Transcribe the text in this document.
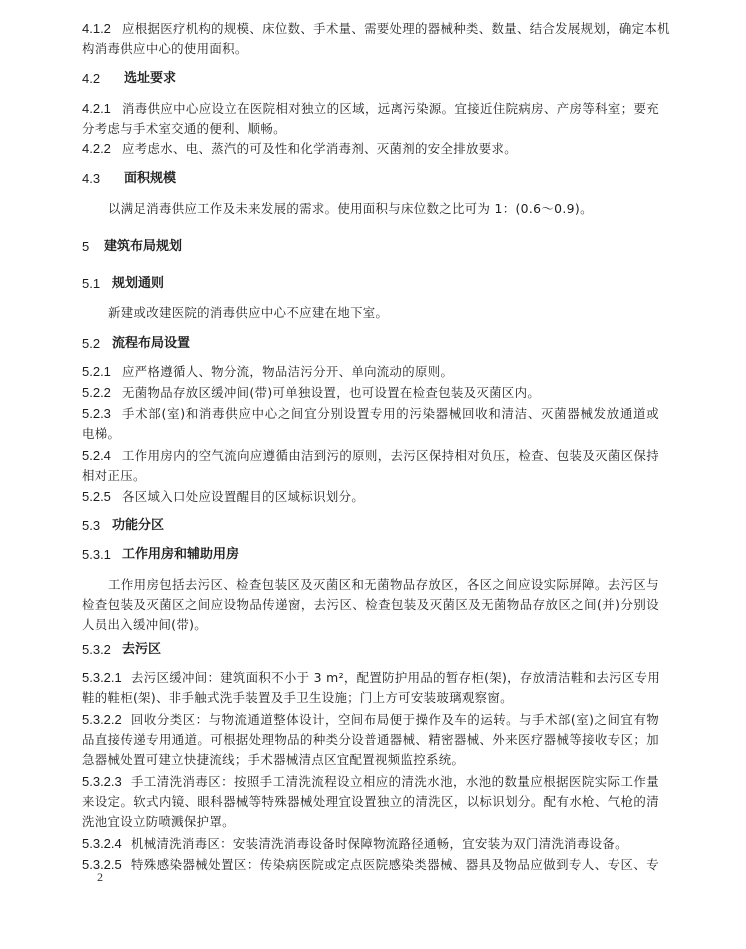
4.1.2 应根据医疗机构的规模、床位数、手术量、需要处理的器械种类、数量、结合发展规划，确定本机
构消毒供应中心的使用面积。
4.2 选址要求
4.2.1 消毒供应中心应设立在医院相对独立的区域，远离污染源。宜接近住院病房、产房等科室；要充
分考虑与手术室交通的便利、顺畅。
4.2.2 应考虑水、电、蒸汽的可及性和化学消毒剂、灭菌剂的安全排放要求。
4.3 面积规模
以满足消毒供应工作及未来发展的需求。使用面积与床位数之比可为 1：(0.6～0.9)。
5 建筑布局规划
5.1 规划通则
新建或改建医院的消毒供应中心不应建在地下室。
5.2 流程布局设置
5.2.1 应严格遵循人、物分流，物品洁污分开、单向流动的原则。
5.2.2 无菌物品存放区缓冲间(带)可单独设置，也可设置在检查包装及灭菌区内。
5.2.3 手术部(室)和消毒供应中心之间宜分别设置专用的污染器械回收和清洁、灭菌器械发放通道或
电梯。
5.2.4 工作用房内的空气流向应遵循由洁到污的原则，去污区保持相对负压，检查、包装及灭菌区保持
相对正压。
5.2.5 各区域入口处应设置醒目的区域标识划分。
5.3 功能分区
5.3.1 工作用房和辅助用房
工作用房包括去污区、检查包装区及灭菌区和无菌物品存放区，各区之间应设实际屏障。去污区与
检查包装及灭菌区之间应设物品传递窗，去污区、检查包装及灭菌区及无菌物品存放区之间(并)分别设
人员出入缓冲间(带)。
5.3.2 去污区
5.3.2.1 去污区缓冲间：建筑面积不小于 3 m²，配置防护用品的暂存柜(架)，存放清洁鞋和去污区专用
鞋的鞋柜(架)、非手触式洗手装置及手卫生设施；门上方可安装玻璃观察窗。
5.3.2.2 回收分类区：与物流通道整体设计，空间布局便于操作及车的运转。与手术部(室)之间宜有物
品直接传递专用通道。可根据处理物品的种类分设普通器械、精密器械、外来医疗器械等接收专区；加
急器械处置可建立快捷流线；手术器械清点区宜配置视频监控系统。
5.3.2.3 手工清洗消毒区：按照手工清洗流程设立相应的清洗水池，水池的数量应根据医院实际工作量
来设定。软式内镜、眼科器械等特殊器械处理宜设置独立的清洗区，以标识划分。配有水枪、气枪的清
洗池宜设立防喷溅保护罩。
5.3.2.4 机械清洗消毒区：安装清洗消毒设备时保障物流路径通畅，宜安装为双门清洗消毒设备。
5.3.2.5 特殊感染器械处置区：传染病医院或定点医院感染类器械、器具及物品应做到专人、专区、专
2
